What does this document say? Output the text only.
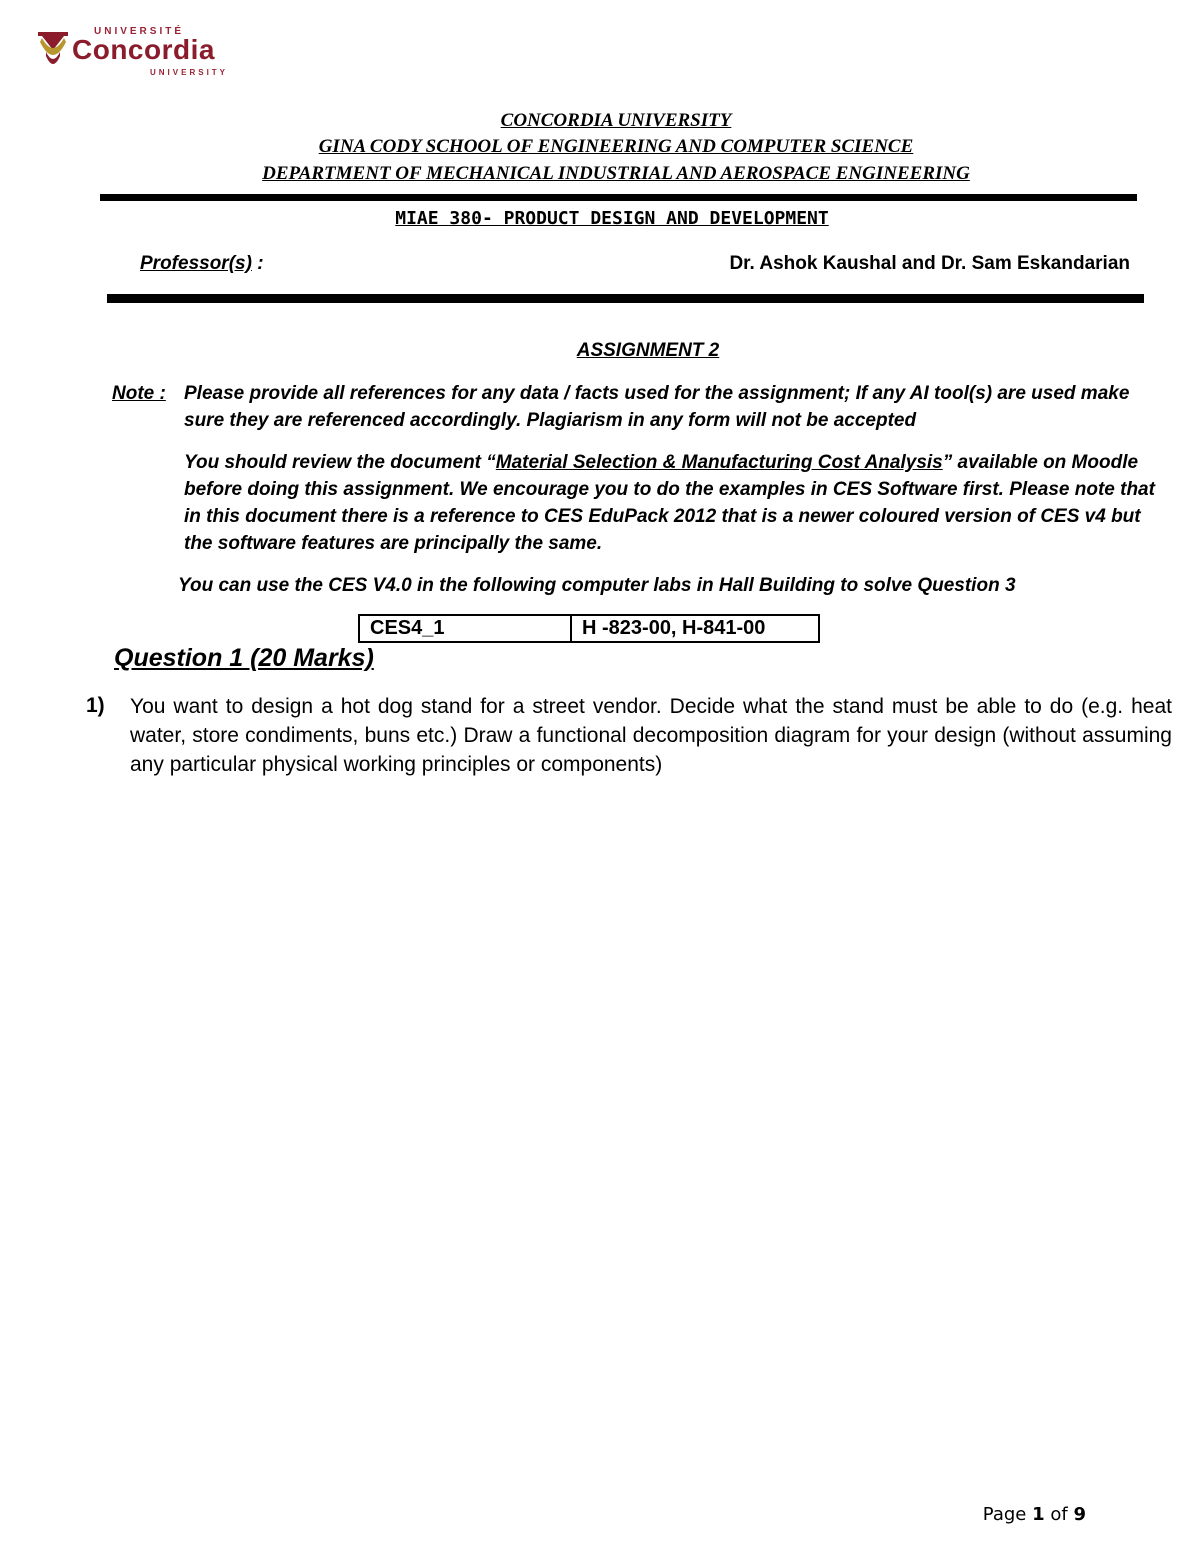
UNIVERSITÉ
Concordia
UNIVERSITY
CONCORDIA UNIVERSITY
GINA CODY SCHOOL OF ENGINEERING AND COMPUTER SCIENCE
DEPARTMENT OF MECHANICAL INDUSTRIAL AND AEROSPACE ENGINEERING
MIAE 380- PRODUCT DESIGN AND DEVELOPMENT
Professor(s) :	Dr. Ashok Kaushal and Dr. Sam Eskandarian
ASSIGNMENT 2
Note : Please provide all references for any data / facts used for the assignment; If any AI tool(s) are used make sure they are referenced accordingly. Plagiarism in any form will not be accepted
You should review the document “Material Selection & Manufacturing Cost Analysis” available on Moodle before doing this assignment. We encourage you to do the examples in CES Software first. Please note that in this document there is a reference to CES EduPack 2012 that is a newer coloured version of CES v4 but the software features are principally the same.
You can use the CES V4.0 in the following computer labs in Hall Building to solve Question 3
CES4_1	H -823-00, H-841-00
Question 1 (20 Marks)
1) You want to design a hot dog stand for a street vendor. Decide what the stand must be able to do (e.g. heat water, store condiments, buns etc.) Draw a functional decomposition diagram for your design (without assuming any particular physical working principles or components)
Page 1 of 9
